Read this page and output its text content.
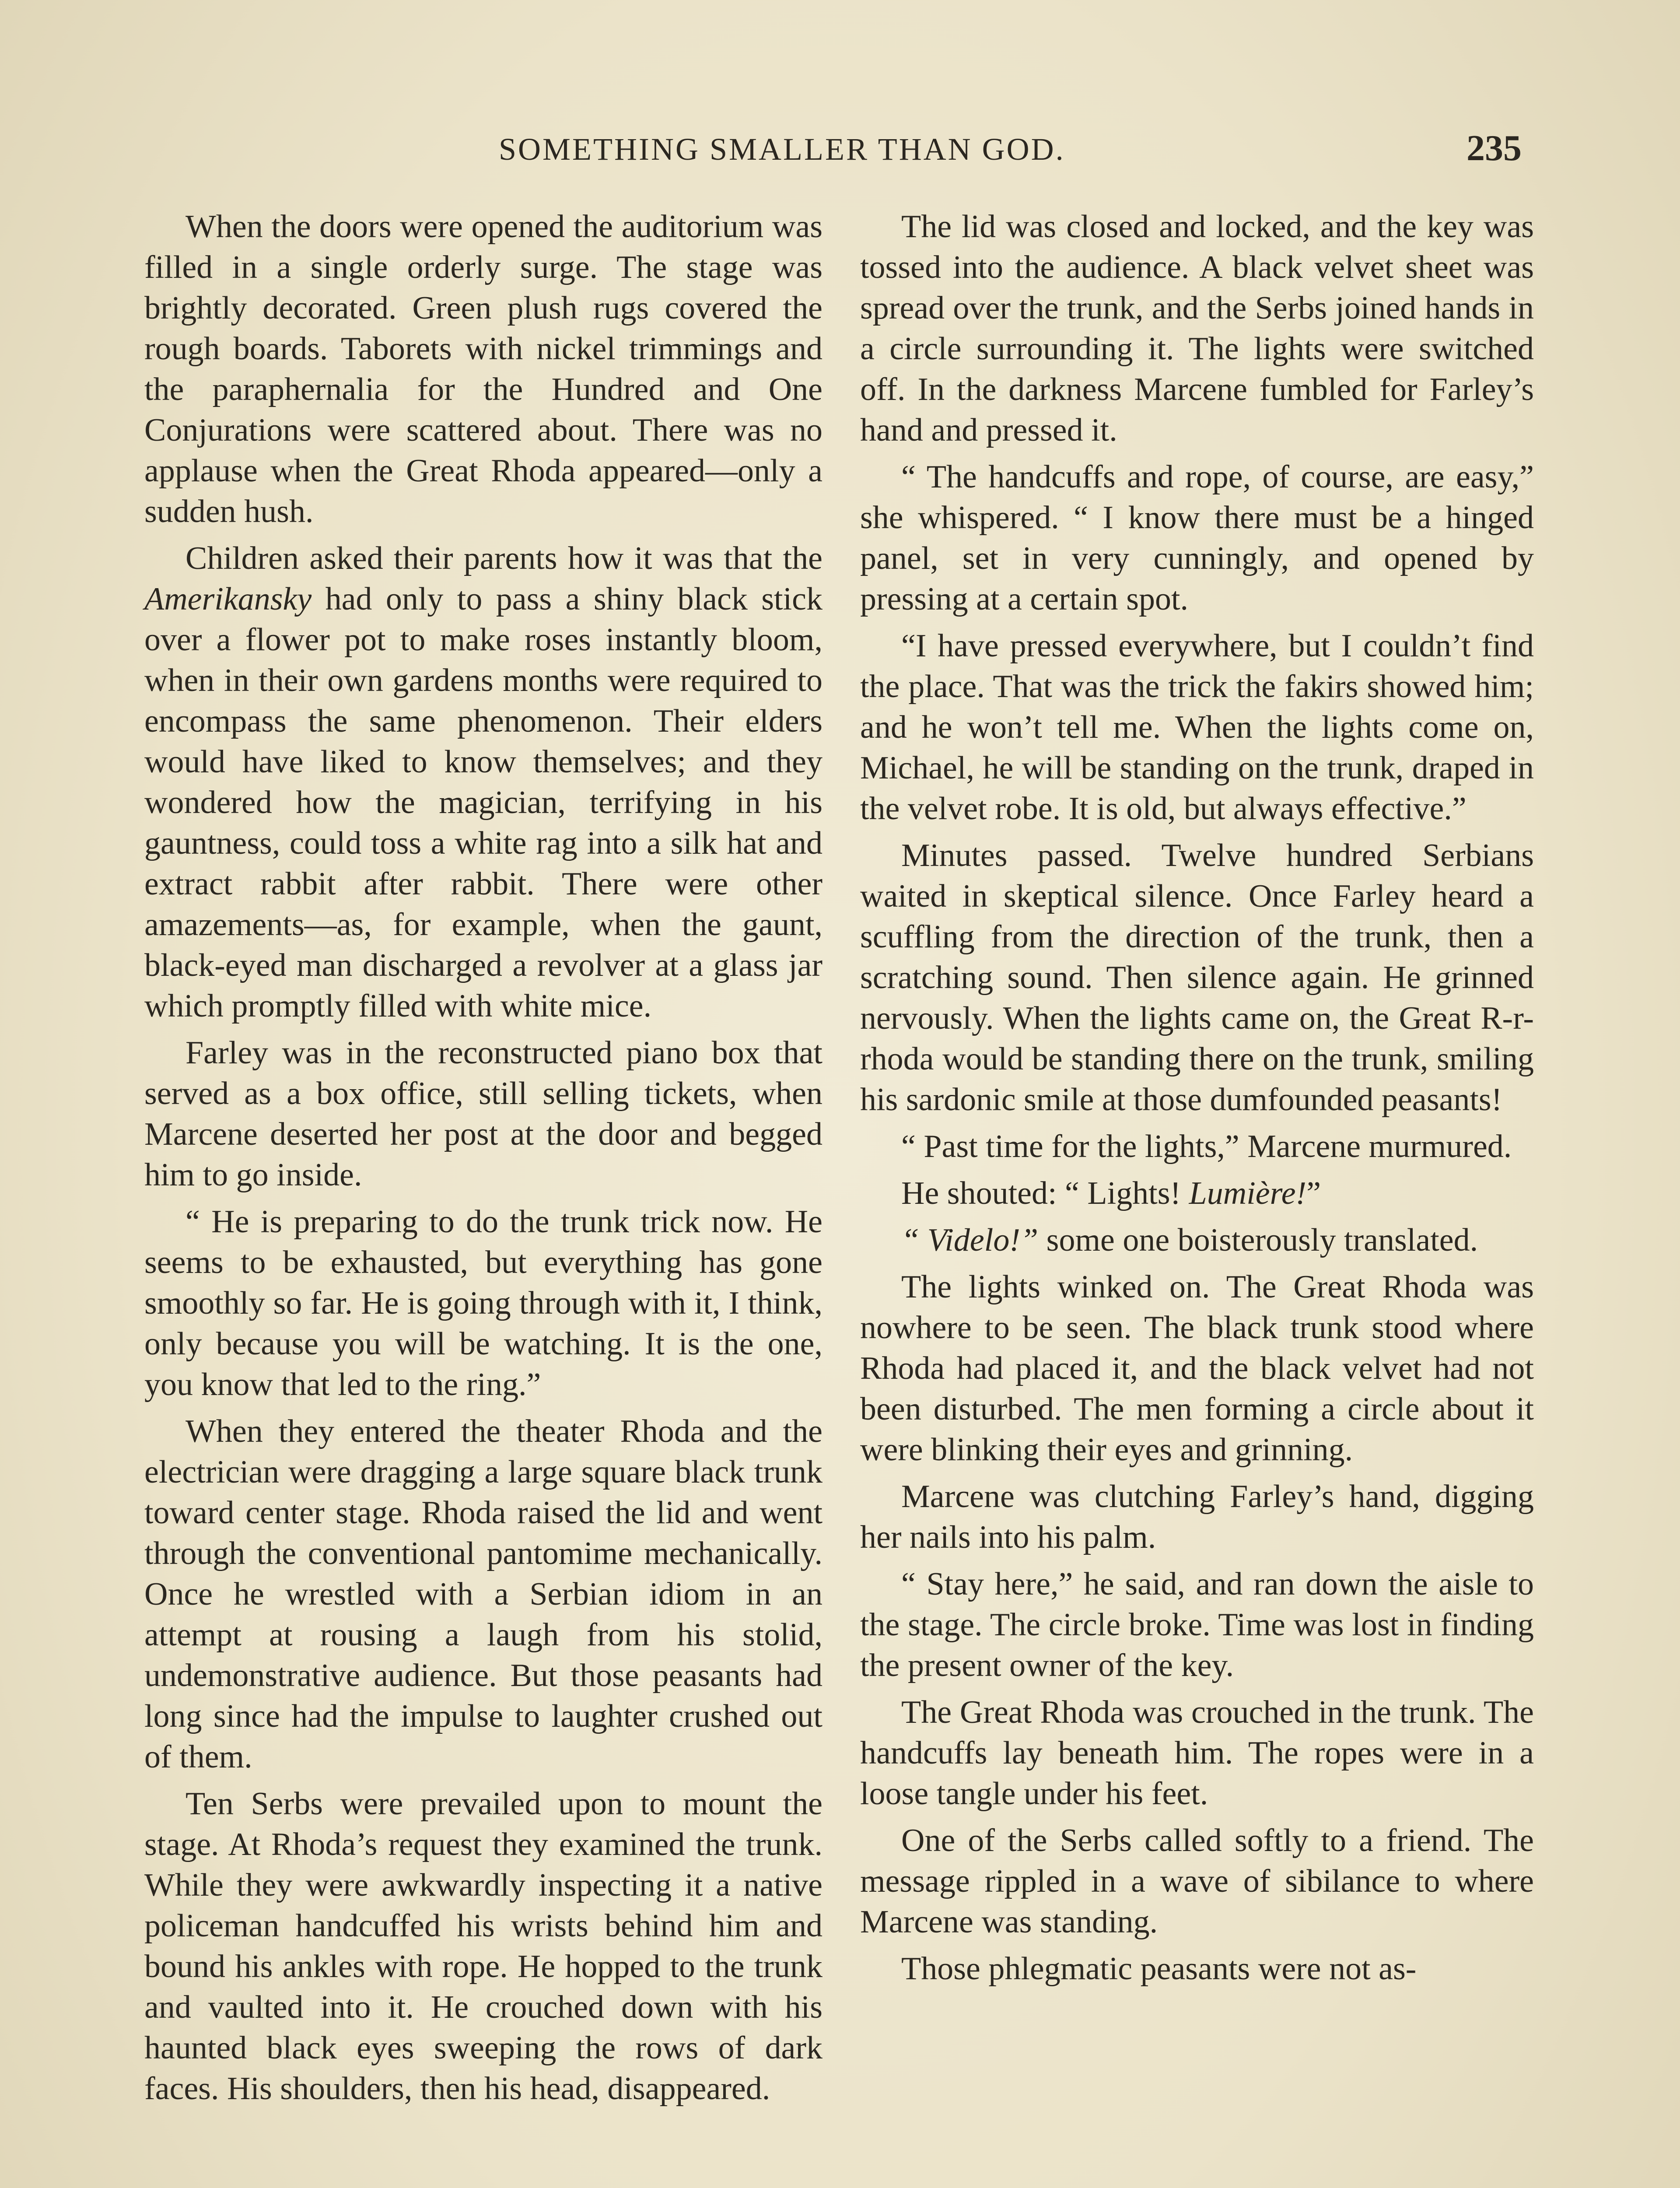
SOMETHING SMALLER THAN GOD.	235

When the doors were opened the auditorium was filled in a single orderly surge. The stage was brightly decorated. Green plush rugs covered the rough boards. Taborets with nickel trimmings and the paraphernalia for the Hundred and One Conjurations were scattered about. There was no applause when the Great Rhoda appeared—only a sudden hush.

Children asked their parents how it was that the Amerikansky had only to pass a shiny black stick over a flower pot to make roses instantly bloom, when in their own gardens months were required to encompass the same phenomenon. Their elders would have liked to know themselves; and they wondered how the magician, terrifying in his gauntness, could toss a white rag into a silk hat and extract rabbit after rabbit. There were other amazements—as, for example, when the gaunt, black-eyed man discharged a revolver at a glass jar which promptly filled with white mice.

Farley was in the reconstructed piano box that served as a box office, still selling tickets, when Marcene deserted her post at the door and begged him to go inside.

“ He is preparing to do the trunk trick now. He seems to be exhausted, but everything has gone smoothly so far. He is going through with it, I think, only because you will be watching. It is the one, you know that led to the ring.”

When they entered the theater Rhoda and the electrician were dragging a large square black trunk toward center stage. Rhoda raised the lid and went through the conventional pantomime mechanically. Once he wrestled with a Serbian idiom in an attempt at rousing a laugh from his stolid, undemonstrative audience. But those peasants had long since had the impulse to laughter crushed out of them.

Ten Serbs were prevailed upon to mount the stage. At Rhoda’s request they examined the trunk. While they were awkwardly inspecting it a native policeman handcuffed his wrists behind him and bound his ankles with rope. He hopped to the trunk and vaulted into it. He crouched down with his haunted black eyes sweeping the rows of dark faces. His shoulders, then his head, disappeared.

The lid was closed and locked, and the key was tossed into the audience. A black velvet sheet was spread over the trunk, and the Serbs joined hands in a circle surrounding it. The lights were switched off. In the darkness Marcene fumbled for Farley’s hand and pressed it.

“ The handcuffs and rope, of course, are easy,” she whispered. “ I know there must be a hinged panel, set in very cunningly, and opened by pressing at a certain spot.

“I have pressed everywhere, but I couldn’t find the place. That was the trick the fakirs showed him; and he won’t tell me. When the lights come on, Michael, he will be standing on the trunk, draped in the velvet robe. It is old, but always effective.”

Minutes passed. Twelve hundred Serbians waited in skeptical silence. Once Farley heard a scuffling from the direction of the trunk, then a scratching sound. Then silence again. He grinned nervously. When the lights came on, the Great R-r-rhoda would be standing there on the trunk, smiling his sardonic smile at those dumfounded peasants!

“ Past time for the lights,” Marcene murmured.

He shouted: “ Lights! Lumière!”

“ Videlo!” some one boisterously translated.

The lights winked on. The Great Rhoda was nowhere to be seen. The black trunk stood where Rhoda had placed it, and the black velvet had not been disturbed. The men forming a circle about it were blinking their eyes and grinning.

Marcene was clutching Farley’s hand, digging her nails into his palm.

“ Stay here,” he said, and ran down the aisle to the stage. The circle broke. Time was lost in finding the present owner of the key.

The Great Rhoda was crouched in the trunk. The handcuffs lay beneath him. The ropes were in a loose tangle under his feet.

One of the Serbs called softly to a friend. The message rippled in a wave of sibilance to where Marcene was standing.

Those phlegmatic peasants were not as-
